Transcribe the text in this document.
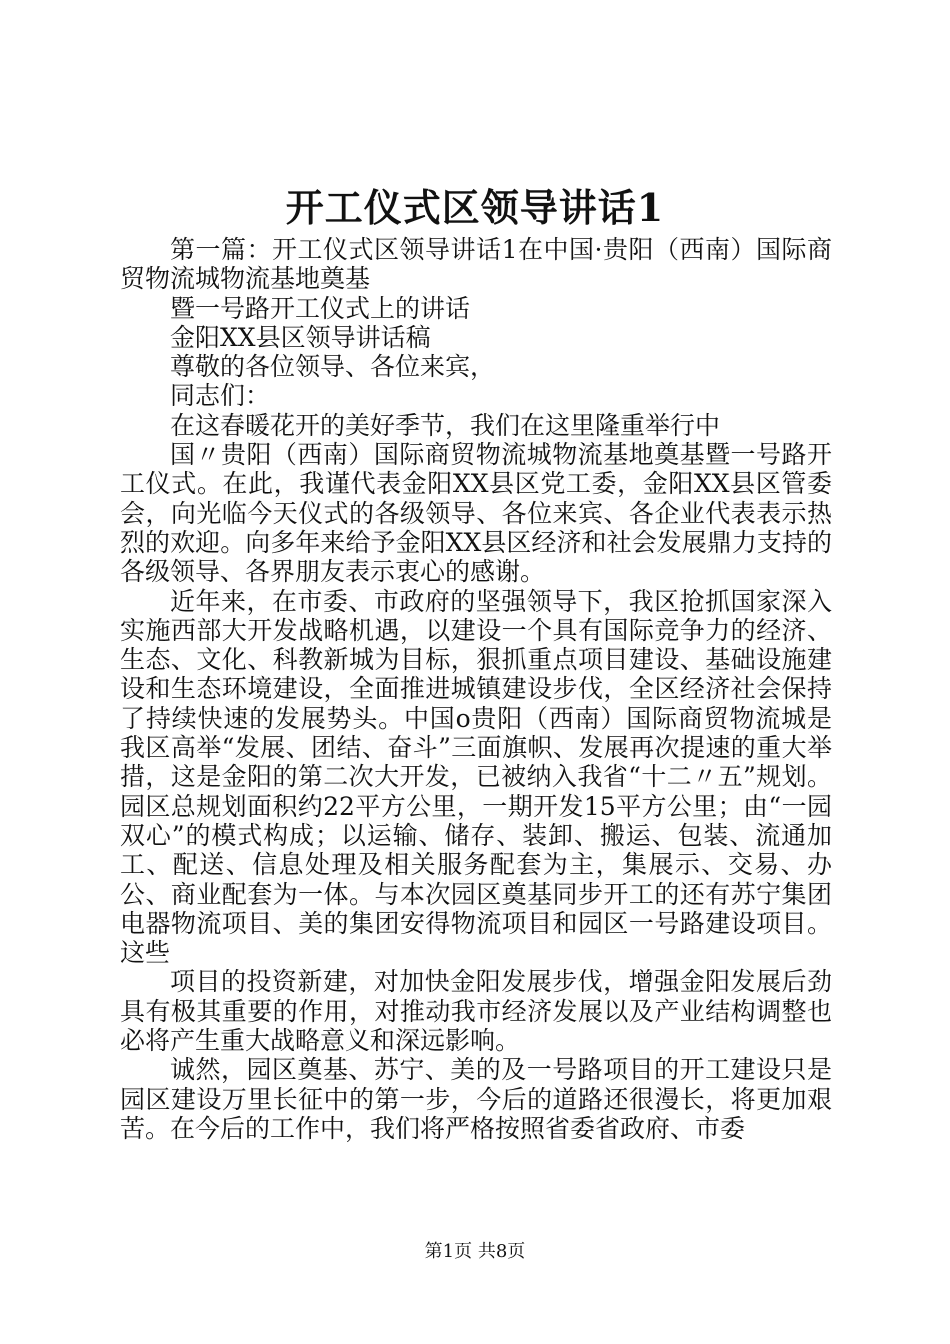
开工仪式区领导讲话1

第一篇：开工仪式区领导讲话1在中国·贵阳（西南）国际商贸物流城物流基地奠基

暨一号路开工仪式上的讲话

金阳XX县区领导讲话稿

尊敬的各位领导、各位来宾，

同志们：

在这春暖花开的美好季节，我们在这里隆重举行中

国〃贵阳（西南）国际商贸物流城物流基地奠基暨一号路开工仪式。在此，我谨代表金阳XX县区党工委，金阳XX县区管委会，向光临今天仪式的各级领导、各位来宾、各企业代表表示热烈的欢迎。向多年来给予金阳XX县区经济和社会发展鼎力支持的各级领导、各界朋友表示衷心的感谢。

近年来，在市委、市政府的坚强领导下，我区抢抓国家深入实施西部大开发战略机遇，以建设一个具有国际竞争力的经济、生态、文化、科教新城为目标，狠抓重点项目建设、基础设施建设和生态环境建设，全面推进城镇建设步伐，全区经济社会保持了持续快速的发展势头。中国ο贵阳（西南）国际商贸物流城是我区高举“发展、团结、奋斗”三面旗帜、发展再次提速的重大举措，这是金阳的第二次大开发，已被纳入我省“十二〃五”规划。园区总规划面积约22平方公里，一期开发15平方公里；由“一园双心”的模式构成；以运输、储存、装卸、搬运、包装、流通加工、配送、信息处理及相关服务配套为主，集展示、交易、办公、商业配套为一体。与本次园区奠基同步开工的还有苏宁集团电器物流项目、美的集团安得物流项目和园区一号路建设项目。这些

项目的投资新建，对加快金阳发展步伐，增强金阳发展后劲具有极其重要的作用，对推动我市经济发展以及产业结构调整也必将产生重大战略意义和深远影响。

诚然，园区奠基、苏宁、美的及一号路项目的开工建设只是园区建设万里长征中的第一步，今后的道路还很漫长，将更加艰苦。在今后的工作中，我们将严格按照省委省政府、市委

第1页 共8页
